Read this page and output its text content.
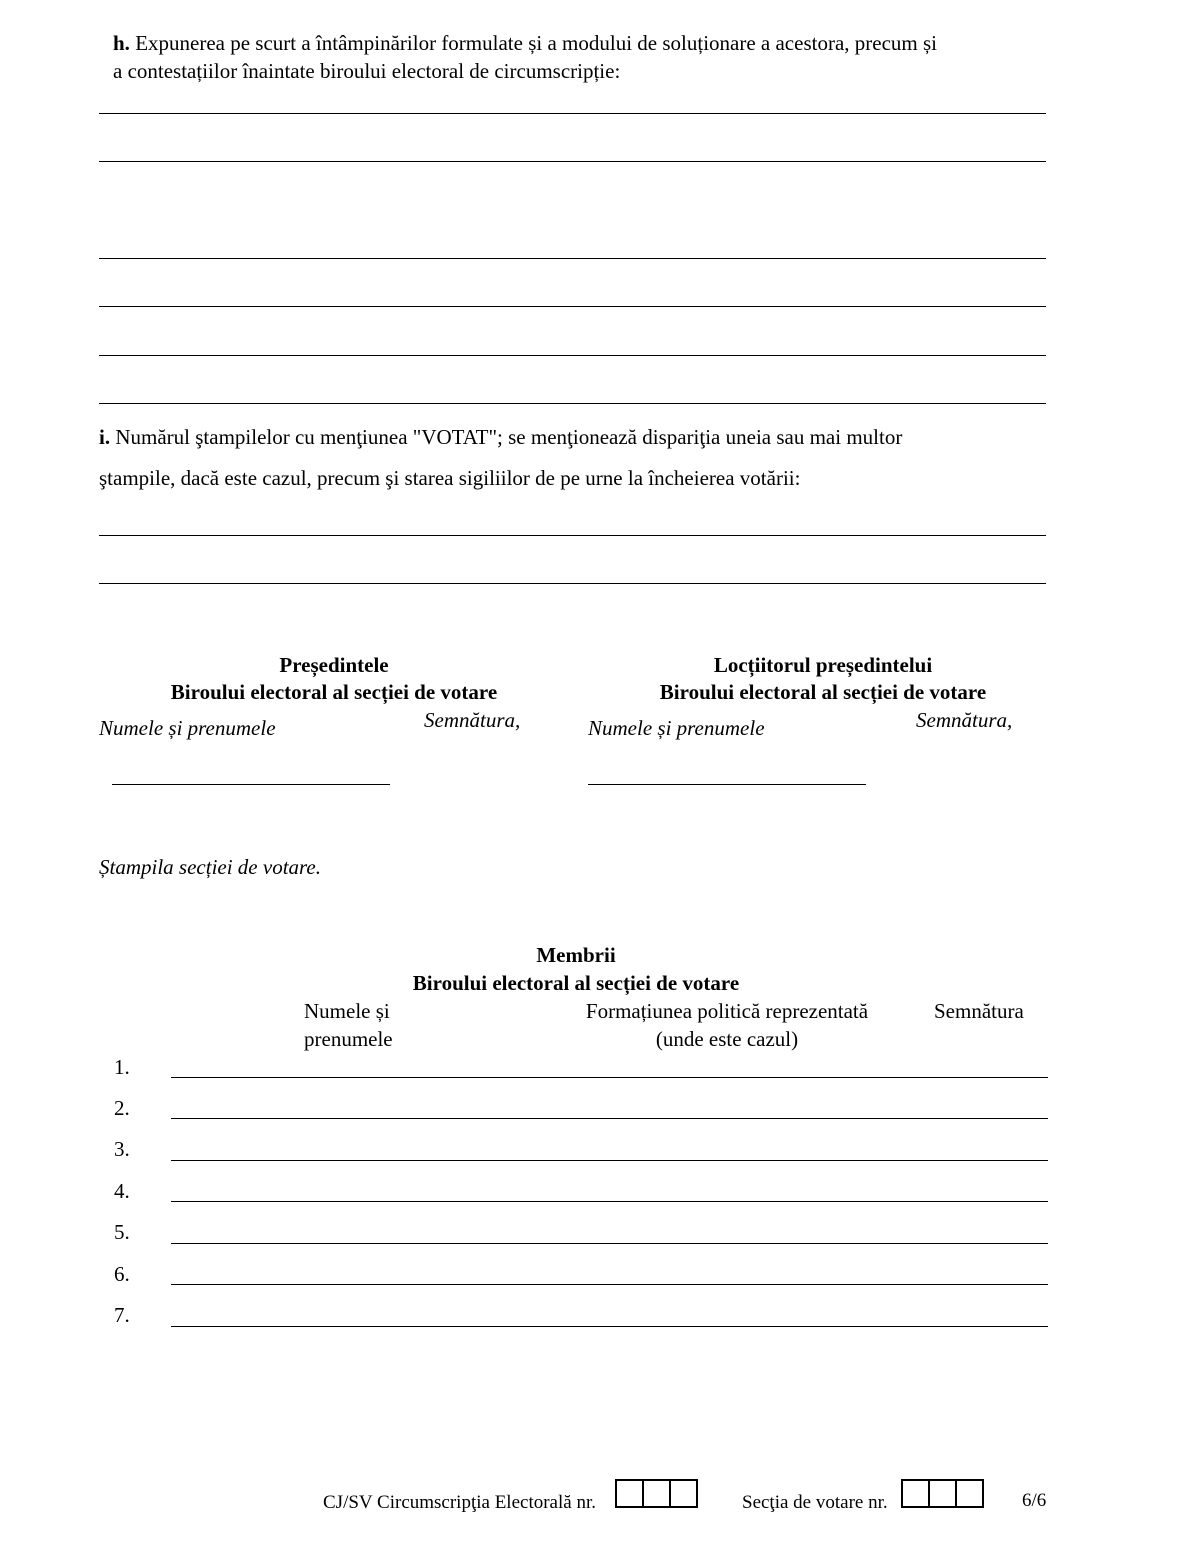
h. Expunerea pe scurt a întâmpinărilor formulate și a modului de soluționare a acestora, precum și
a contestațiilor înaintate biroului electoral de circumscripție:
i. Numărul ştampilelor cu menţiunea "VOTAT"; se menţionează dispariţia uneia sau mai multor
ştampile, dacă este cazul, precum şi starea sigiliilor de pe urne la încheierea votării:
Președintele
Biroului electoral al secției de votare
Numele și prenumele	Semnătura,
Locțiitorul președintelui
Biroului electoral al secției de votare
Numele și prenumele	Semnătura,
Ștampila secției de votare.
Membrii
Biroului electoral al secției de votare
Numele și
prenumele
Formațiunea politică reprezentată
(unde este cazul)
Semnătura
1.
2.
3.
4.
5.
6.
7.
CJ/SV Circumscripţia Electorală nr.	Secţia de votare nr.	6/6
